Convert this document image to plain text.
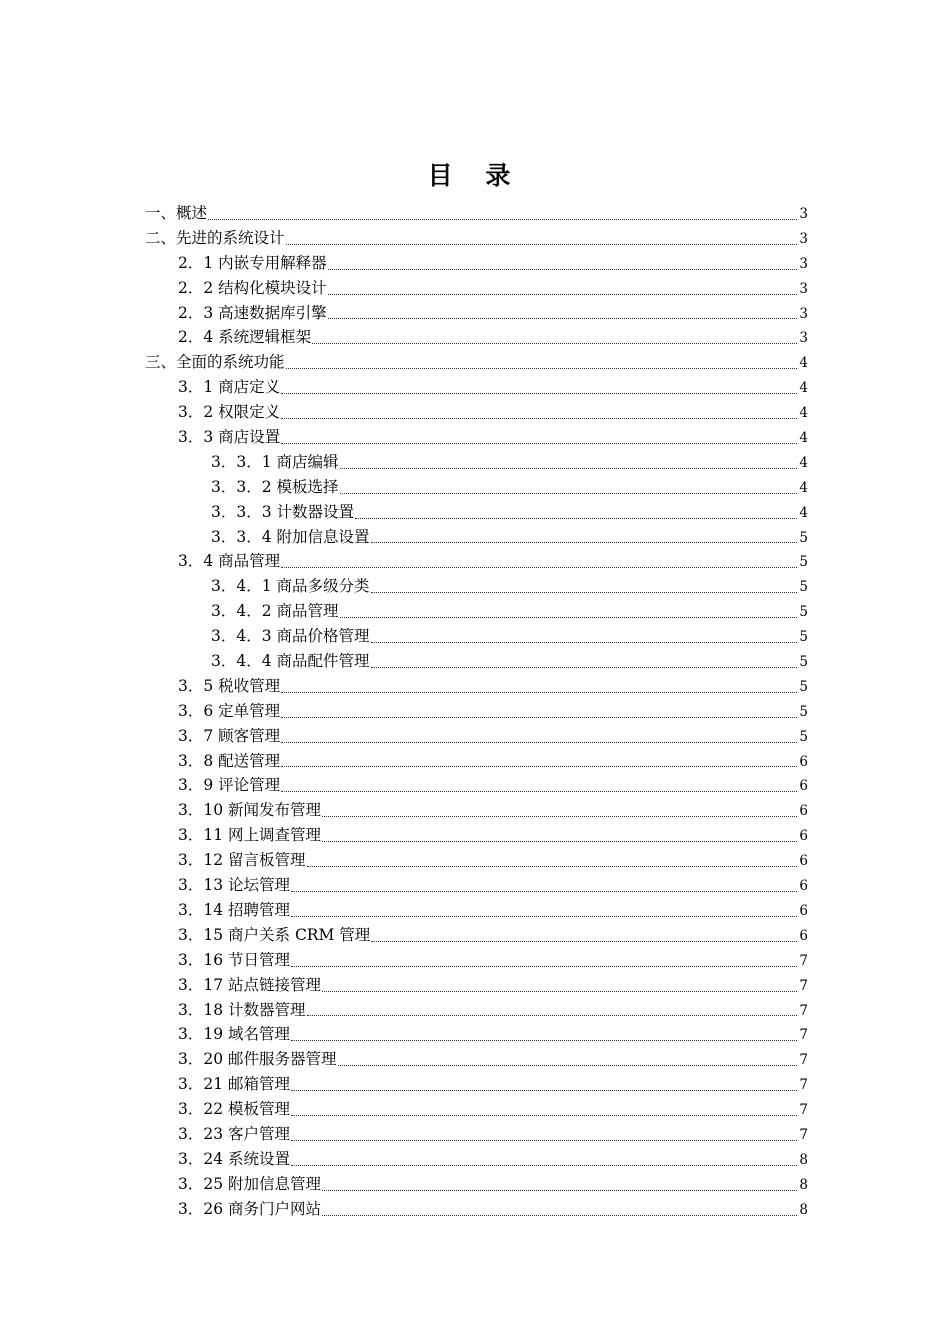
目 录
一、概述	3
二、先进的系统设计	3
2．1 内嵌专用解释器	3
2．2 结构化模块设计	3
2．3 高速数据库引擎	3
2．4 系统逻辑框架	3
三、全面的系统功能	4
3．1 商店定义	4
3．2 权限定义	4
3．3 商店设置	4
3．3．1 商店编辑	4
3．3．2 模板选择	4
3．3．3 计数器设置	4
3．3．4 附加信息设置	5
3．4 商品管理	5
3．4．1 商品多级分类	5
3．4．2 商品管理	5
3．4．3 商品价格管理	5
3．4．4 商品配件管理	5
3．5 税收管理	5
3．6 定单管理	5
3．7 顾客管理	5
3．8 配送管理	6
3．9 评论管理	6
3．10 新闻发布管理	6
3．11 网上调查管理	6
3．12 留言板管理	6
3．13 论坛管理	6
3．14 招聘管理	6
3．15 商户关系 CRM 管理	6
3．16 节日管理	7
3．17 站点链接管理	7
3．18 计数器管理	7
3．19 域名管理	7
3．20 邮件服务器管理	7
3．21 邮箱管理	7
3．22 模板管理	7
3．23 客户管理	7
3．24 系统设置	8
3．25 附加信息管理	8
3．26 商务门户网站	8
